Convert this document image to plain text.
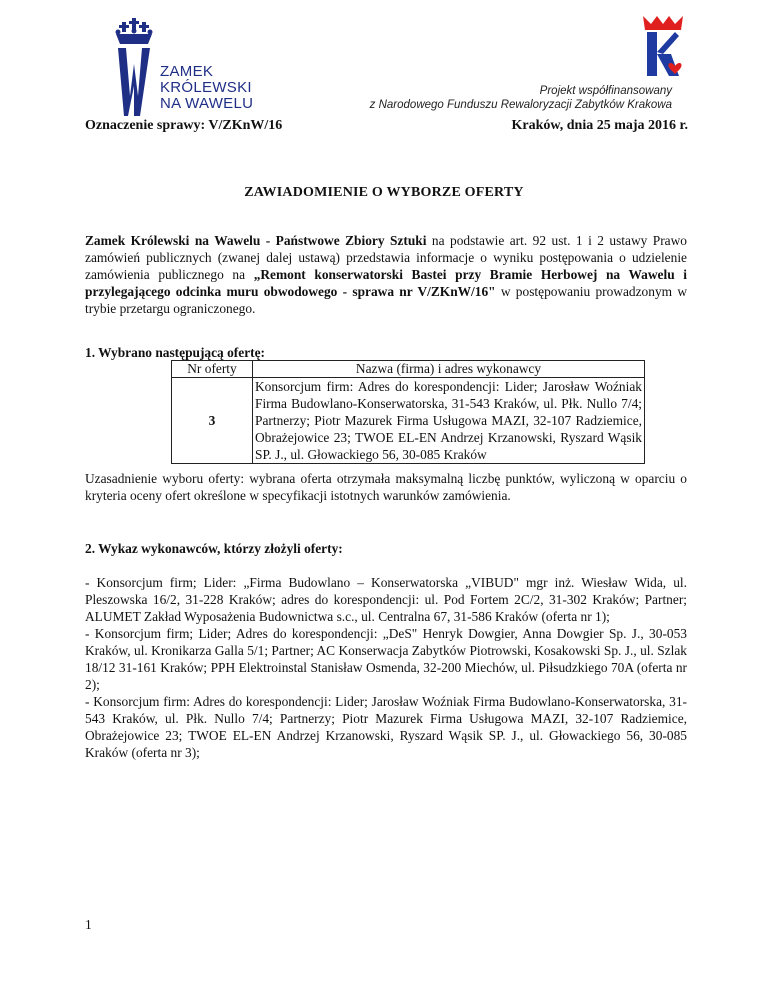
ZAMEK
KRÓLEWSKI
NA WAWELU
Projekt współfinansowany
z Narodowego Funduszu Rewaloryzacji Zabytków Krakowa
Oznaczenie sprawy: V/ZKnW/16	Kraków, dnia 25 maja 2016 r.
ZAWIADOMIENIE O WYBORZE OFERTY
Zamek Królewski na Wawelu - Państwowe Zbiory Sztuki na podstawie art. 92 ust. 1 i 2 ustawy Prawo zamówień publicznych (zwanej dalej ustawą) przedstawia informacje o wyniku postępowania o udzielenie zamówienia publicznego na „Remont konserwatorski Bastei przy Bramie Herbowej na Wawelu i przylegającego odcinka muru obwodowego - sprawa nr V/ZKnW/16" w postępowaniu prowadzonym w trybie przetargu ograniczonego.
1. Wybrano następującą ofertę:
Nr oferty	Nazwa (firma) i adres wykonawcy
3	Konsorcjum firm: Adres do korespondencji: Lider; Jarosław Woźniak Firma Budowlano-Konserwatorska, 31-543 Kraków, ul. Płk. Nullo 7/4; Partnerzy; Piotr Mazurek Firma Usługowa MAZI, 32-107 Radziemice, Obrażejowice 23; TWOE EL-EN Andrzej Krzanowski, Ryszard Wąsik SP. J., ul. Głowackiego 56, 30-085 Kraków
Uzasadnienie wyboru oferty: wybrana oferta otrzymała maksymalną liczbę punktów, wyliczoną w oparciu o kryteria oceny ofert określone w specyfikacji istotnych warunków zamówienia.
2. Wykaz wykonawców, którzy złożyli oferty:

- Konsorcjum firm; Lider: „Firma Budowlano – Konserwatorska „VIBUD" mgr inż. Wiesław Wida, ul. Pleszowska 16/2, 31-228 Kraków; adres do korespondencji: ul. Pod Fortem 2C/2, 31-302 Kraków; Partner; ALUMET Zakład Wyposażenia Budownictwa s.c., ul. Centralna 67, 31-586 Kraków (oferta nr 1);

- Konsorcjum firm; Lider; Adres do korespondencji: „DeS" Henryk Dowgier, Anna Dowgier Sp. J., 30-053 Kraków, ul. Kronikarza Galla 5/1; Partner; AC Konserwacja Zabytków Piotrowski, Kosakowski Sp. J., ul. Szlak 18/12 31-161 Kraków; PPH Elektroinstal Stanisław Osmenda, 32-200 Miechów, ul. Piłsudzkiego 70A (oferta nr 2);

- Konsorcjum firm: Adres do korespondencji: Lider; Jarosław Woźniak Firma Budowlano-Konserwatorska, 31-543 Kraków, ul. Płk. Nullo 7/4; Partnerzy; Piotr Mazurek Firma Usługowa MAZI, 32-107 Radziemice, Obrażejowice 23; TWOE EL-EN Andrzej Krzanowski, Ryszard Wąsik SP. J., ul. Głowackiego 56, 30-085 Kraków (oferta nr 3);

1
